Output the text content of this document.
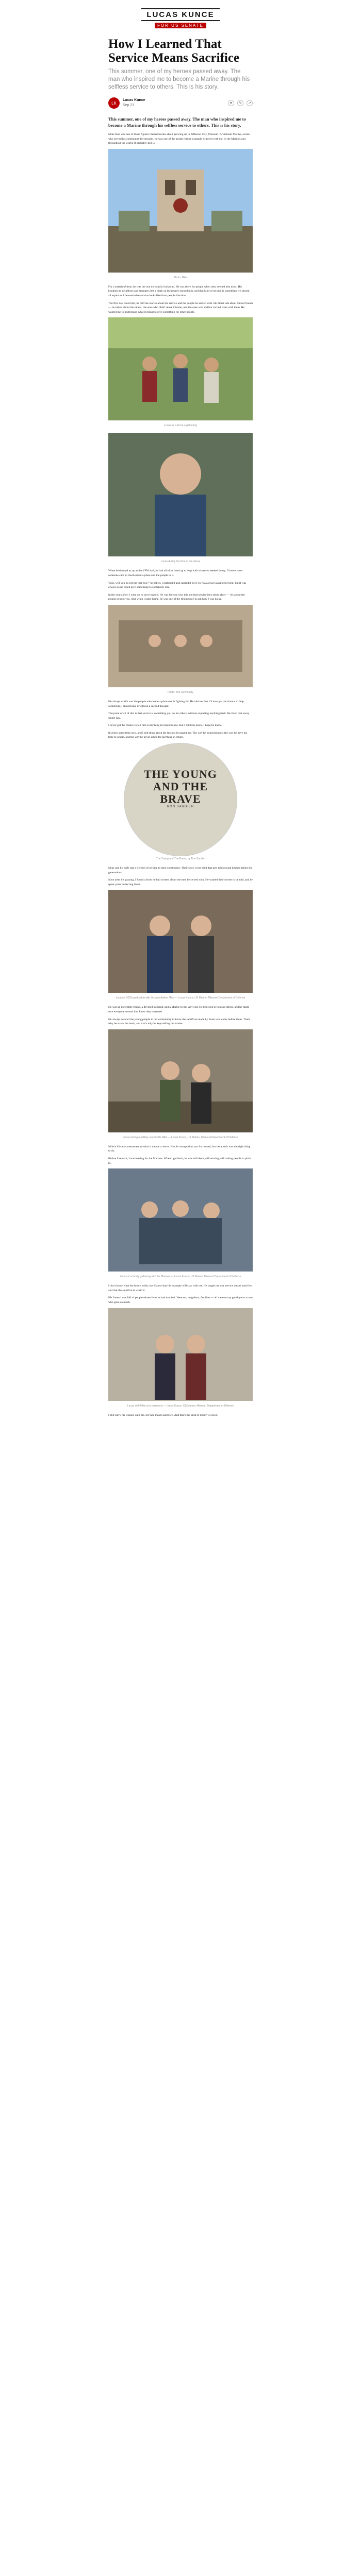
LUCAS KUNCE
FOR US SENATE
How I Learned That Service Means Sacrifice
This summer, one of my heroes passed away. The man who inspired me to become a Marine through his selfless service to others. This is his story.
LK
Lucas Kunce
Sep 23
♥	✎	↗

This summer, one of my heroes passed away. The man who inspired me to become a Marine through his selfless service to others. This is his story.

Mike Hall was one of those figures I heard stories about growing up in Jefferson City, Missouri. A Vietnam Marine, a man who served his community for decades, he was one of the people whose example I carried with me, in the Marines and throughout the world. It probably still is.

Photo: Mike

For a stretch of time, he was the one my family looked to. He was there for people when they needed him most. His kindness to neighbors and strangers left a mark on the people around him, and that kind of service is something we should all aspire to. I learned what service looks like from people like him.

The first day I met him, he told me stories about his service and the people he served with. He didn't talk about himself much — he talked about the others, the ones who didn't make it home, and the ones who did but carried scars with them. He wanted me to understand what it meant to give something for other people.

Lucas as a kid at a gathering
Lucas during the time of the above

When he'd round us up at the VFW hall, he had all of us lined up to help with whatever needed doing. I'd never seen someone care so much about a place and the people in it.

"Son, will you go get me that box?" he asked. I grabbed it and carried it over. He was always asking for help, but it was always so he could give something to somebody else.

In the years after, I went on to serve myself. He was the one who told me that service isn't about glory — it's about the people next to you. And when I came home, he was one of the first people to ask how I was doing.

Photo: The community

He always said it was the people who made a place worth fighting for. He told me that if I ever got the chance to help somebody, I should take it without a second thought.

The point of all of this is that service is something you do for others, without expecting anything back. He lived that every single day.

I never got the chance to tell him everything he meant to me. But I think he knew. I hope he knew.

It's been some time now, and I still think about the lessons he taught me. The way he treated people, the way he gave his time to others, and the way he never asked for anything in return.

THE YOUNG
AND THE
BRAVE
RON SARDIER
The Young and The Brave, by Ron Sardier

Mike and his wife had a life full of service to their community. Their story is the kind that gets told around kitchen tables for generations.

Soon after his passing, I found a book he had written about the men he served with. He wanted their stories to be told, and he spent years collecting them.

Lucas in 2003 graduation with his grandfather Mike — Lucas Kunce, US Marine, Missouri Department of Defense

He was an incredible friend, a devoted husband, and a Marine to the very end. He believed in helping others, and he made sure everyone around him knew they mattered.

He always wanted the young people in our community to know the sacrifices made by those who came before them. That's why he wrote the book, and that's why he kept telling the stories.

Lucas during a military event with Mike — Lucas Kunce, US Marine, Missouri Department of Defense

Mike's life was a testament to what it means to serve. Not for recognition, not for reward, but because it was the right thing to do.

Before I knew it, I was leaving for the Marines. When I got back, he was still there, still serving, still asking people to pitch in.

Lucas at a family gathering with the Marines — Lucas Kunce, US Marine, Missouri Department of Defense

I don't know what the future holds, but I know that his example will stay with me. He taught me that service means sacrifice, and that the sacrifice is worth it.

His funeral was full of people whose lives he had touched. Veterans, neighbors, families — all there to say goodbye to a man who gave so much.

Lucas with Mike at a ceremony — Lucas Kunce, US Marine, Missouri Department of Defense

I still carry his lessons with me. Service means sacrifice. And that's the kind of leader we need.
